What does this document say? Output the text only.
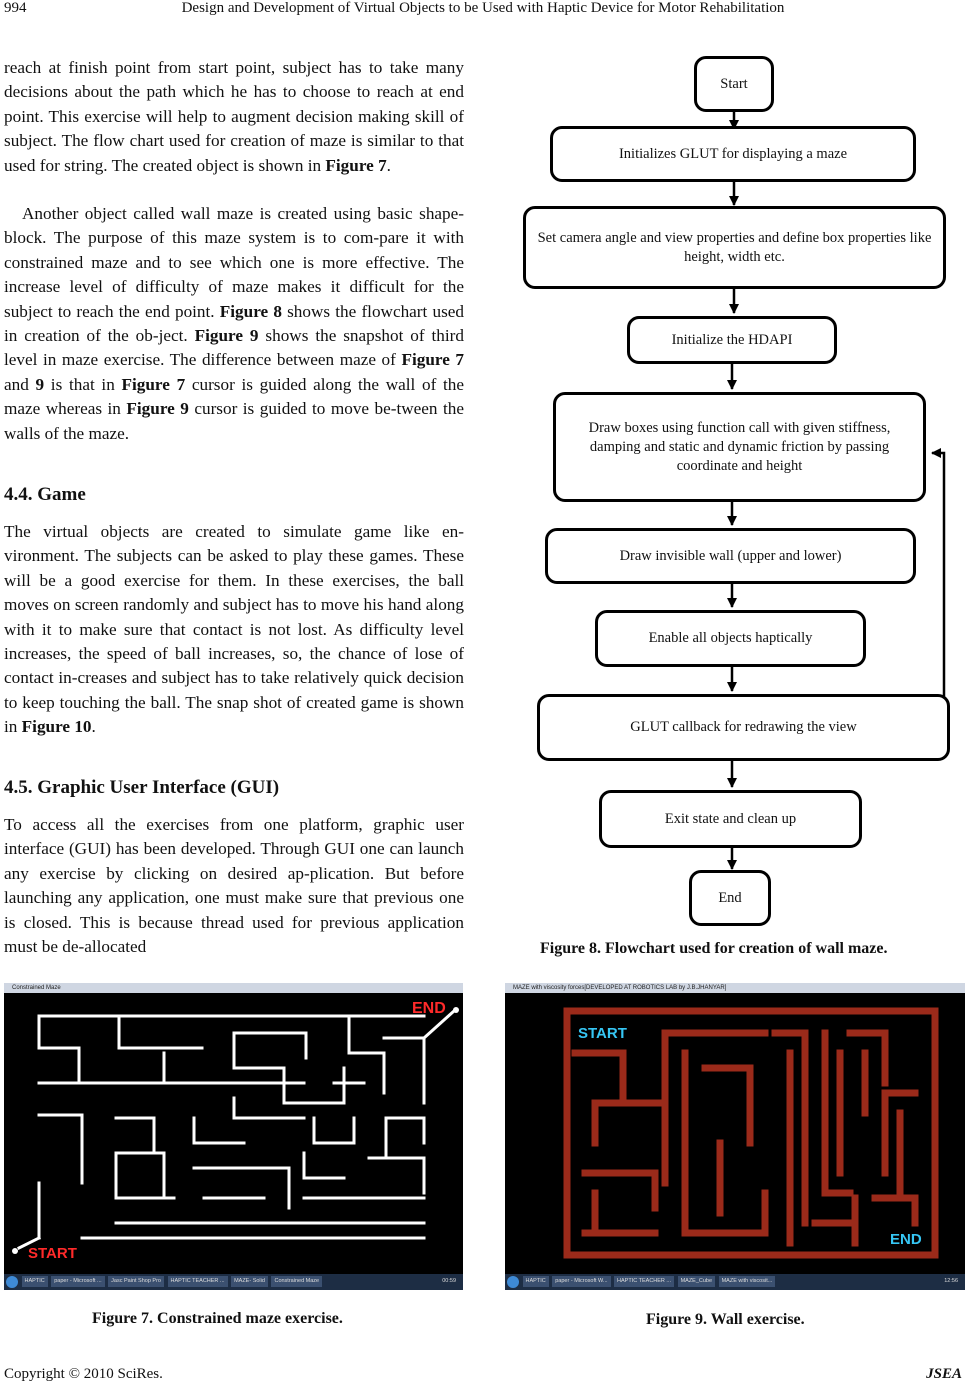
994	Design and Development of Virtual Objects to be Used with Haptic Device for Motor Rehabilitation

reach at finish point from start point, subject has to take many decisions about the path which he has to choose to reach at end point. This exercise will help to augment decision making skill of subject. The flow chart used for creation of maze is similar to that used for string. The created object is shown in Figure 7.

Another object called wall maze is created using basic shape-block. The purpose of this maze system is to com-pare it with constrained maze and to see which one is more effective. The increase level of difficulty of maze makes it difficult for the subject to reach the end point. Figure 8 shows the flowchart used in creation of the ob-ject. Figure 9 shows the snapshot of third level in maze exercise. The difference between maze of Figure 7 and 9 is that in Figure 7 cursor is guided along the wall of the maze whereas in Figure 9 cursor is guided to move be-tween the walls of the maze.

4.4. Game

The virtual objects are created to simulate game like en-vironment. The subjects can be asked to play these games. These will be a good exercise for them. In these exercises, the ball moves on screen randomly and subject has to move his hand along with it to make sure that contact is not lost. As difficulty level increases, the speed of ball increases, so, the chance of lose of contact in-creases and subject has to take relatively quick decision to keep touching the ball. The snap shot of created game is shown in Figure 10.

4.5. Graphic User Interface (GUI)

To access all the exercises from one platform, graphic user interface (GUI) has been developed. Through GUI one can launch any exercise by clicking on desired ap-plication. But before launching any application, one must make sure that previous one is closed. This is because thread used for previous application must be de-allocated

Start
Initializes GLUT for displaying a maze
Set camera angle and view properties and define box properties like height, width etc.
Initialize the HDAPI
Draw boxes using function call with given stiffness, damping and static and dynamic friction by passing coordinate and height
Draw invisible wall (upper and lower)
Enable all objects haptically
GLUT callback for redrawing the view
Exit state and clean up
End
Figure 8. Flowchart used for creation of wall maze.
Constrained Maze
END
START
HAPTIC paper - Microsoft ... Jasc Paint Shop Pro HAPTIC TEACHER ... MAZE- Solid Constrained Maze	00:59
Figure 7. Constrained maze exercise.
MAZE with viscosity forces[DEVELOPED AT ROBOTICS LAB by J.B.JHANYAR]
START
END
HAPTIC paper - Microsoft W... HAPTIC TEACHER ... MAZE_Cube MAZE with viscosit...	12:56
Figure 9. Wall exercise.
Copyright © 2010 SciRes.	JSEA
